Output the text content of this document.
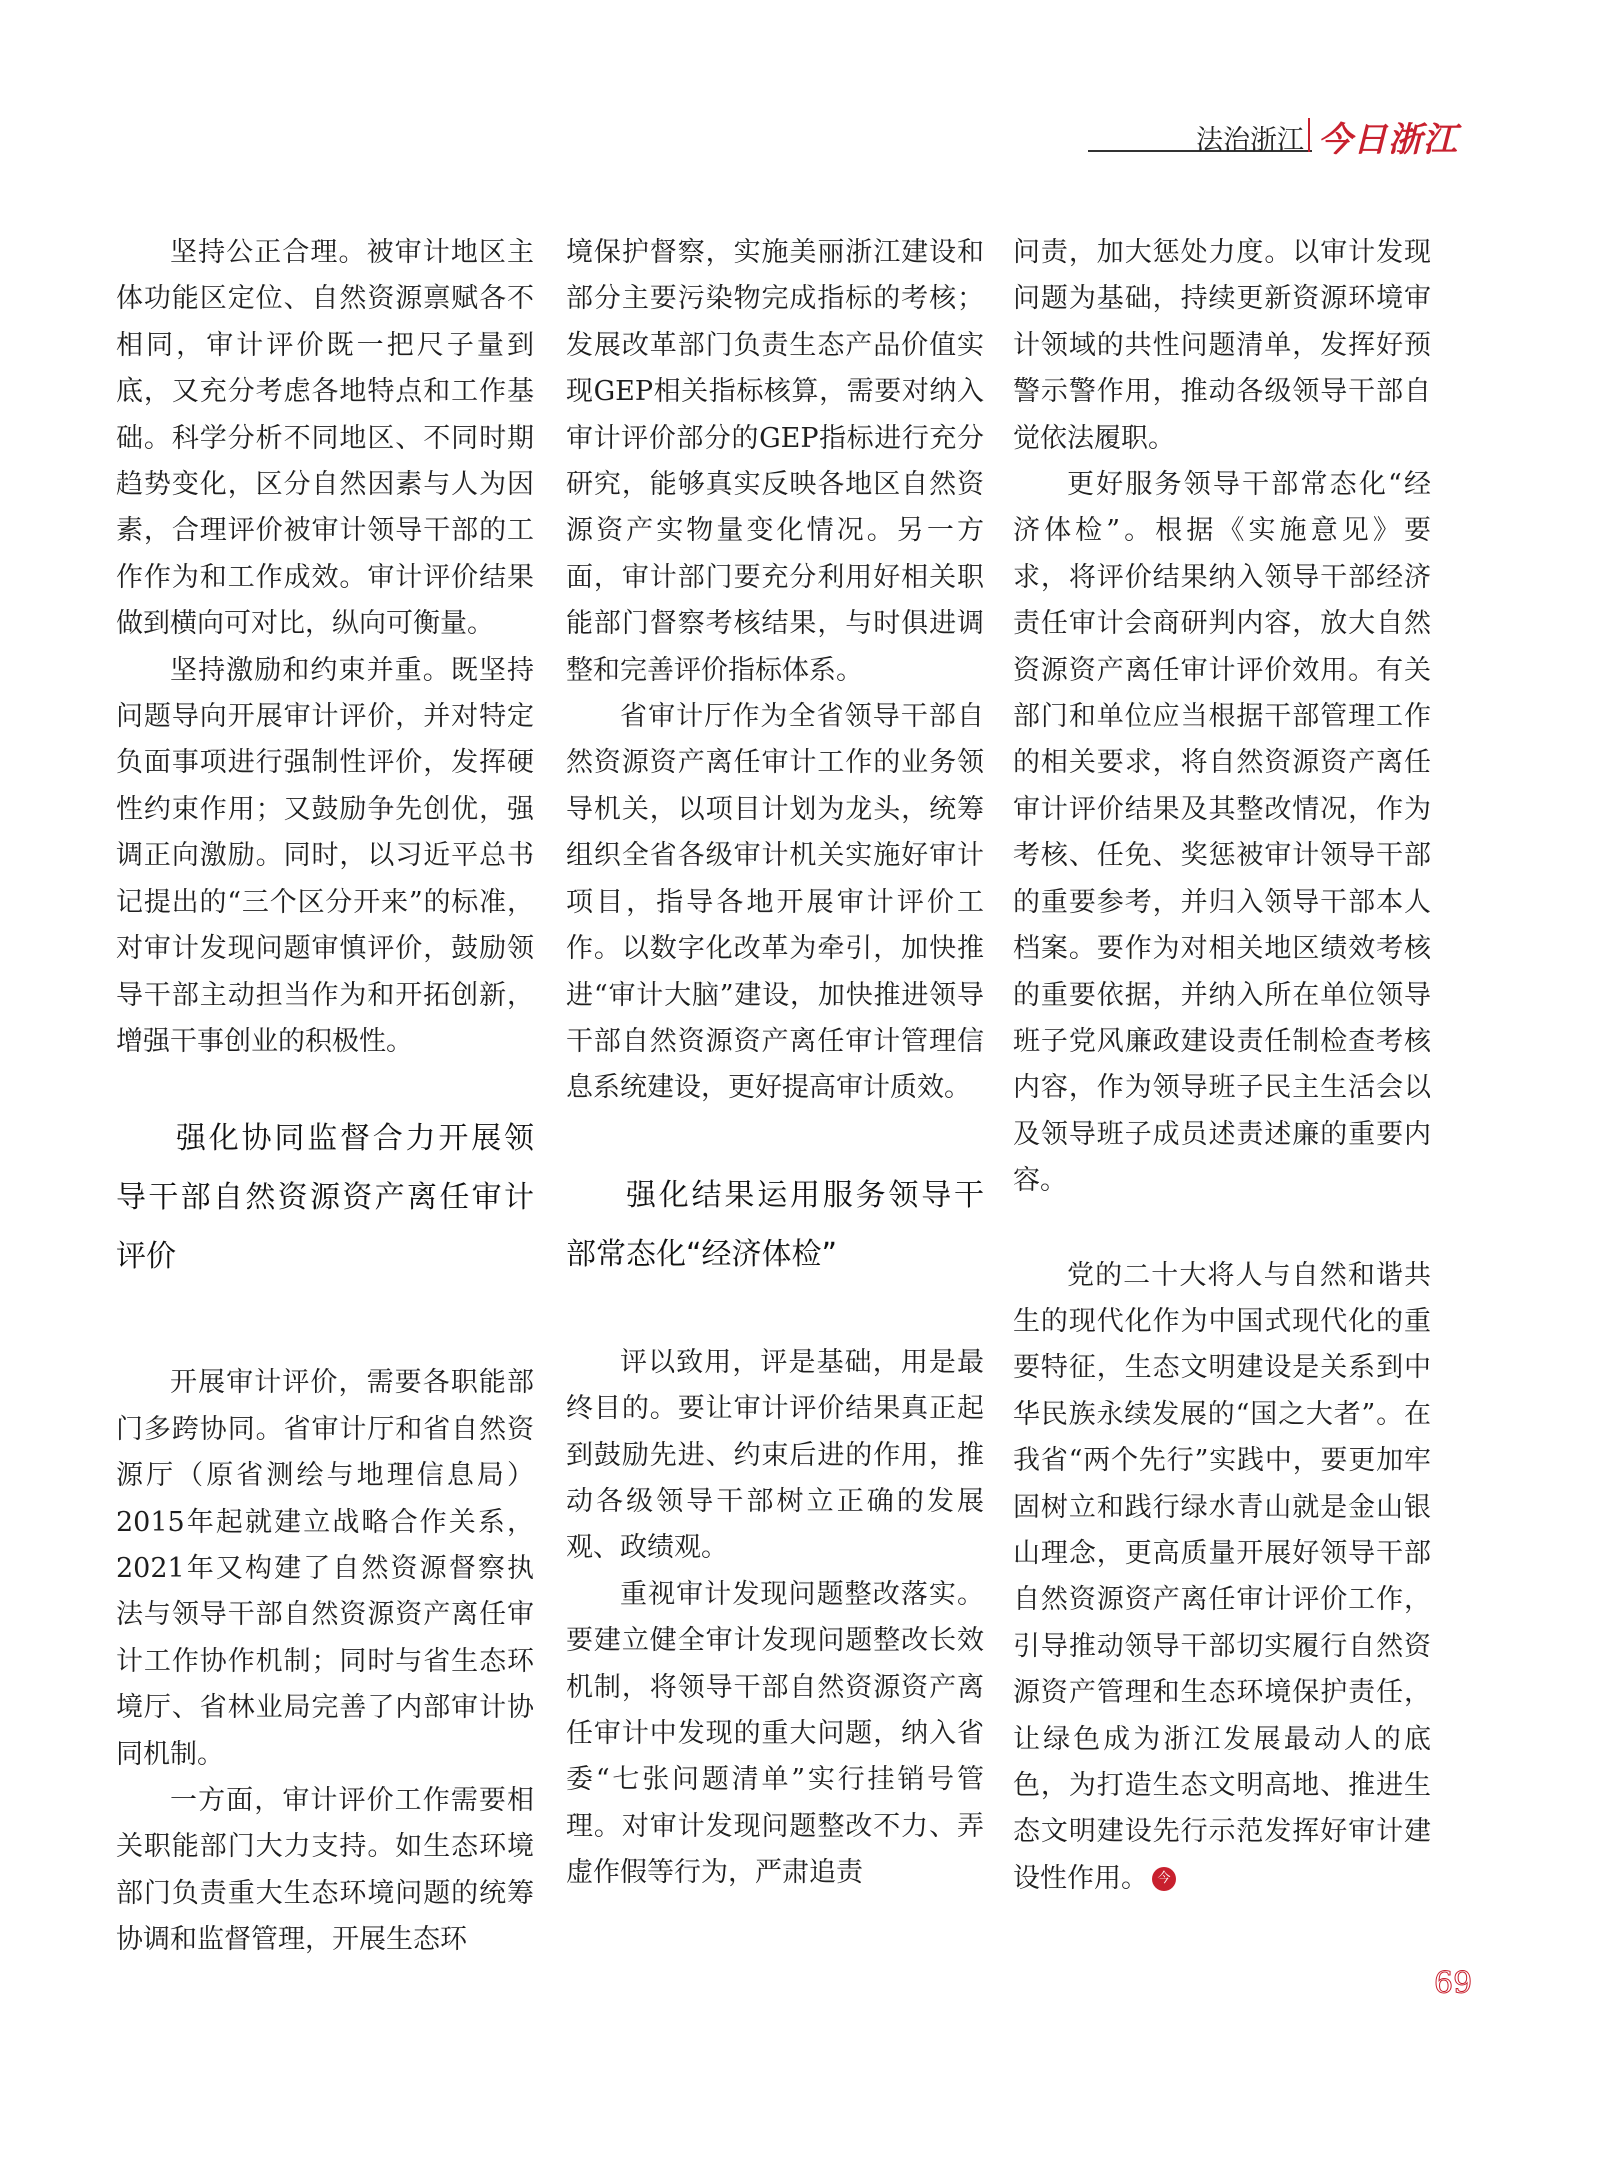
法治浙江 今日浙江

坚持公正合理。被审计地区主体功能区定位、自然资源禀赋各不相同，审计评价既一把尺子量到底，又充分考虑各地特点和工作基础。科学分析不同地区、不同时期趋势变化，区分自然因素与人为因素，合理评价被审计领导干部的工作作为和工作成效。审计评价结果做到横向可对比，纵向可衡量。

坚持激励和约束并重。既坚持问题导向开展审计评价，并对特定负面事项进行强制性评价，发挥硬性约束作用；又鼓励争先创优，强调正向激励。同时，以习近平总书记提出的“三个区分开来”的标准，对审计发现问题审慎评价，鼓励领导干部主动担当作为和开拓创新，增强干事创业的积极性。

强化协同监督合力开展领导干部自然资源资产离任审计评价

开展审计评价，需要各职能部门多跨协同。省审计厅和省自然资源厅（原省测绘与地理信息局）2015年起就建立战略合作关系，2021年又构建了自然资源督察执法与领导干部自然资源资产离任审计工作协作机制；同时与省生态环境厅、省林业局完善了内部审计协同机制。

一方面，审计评价工作需要相关职能部门大力支持。如生态环境部门负责重大生态环境问题的统筹协调和监督管理，开展生态环

境保护督察，实施美丽浙江建设和部分主要污染物完成指标的考核；发展改革部门负责生态产品价值实现GEP相关指标核算，需要对纳入审计评价部分的GEP指标进行充分研究，能够真实反映各地区自然资源资产实物量变化情况。另一方面，审计部门要充分利用好相关职能部门督察考核结果，与时俱进调整和完善评价指标体系。

省审计厅作为全省领导干部自然资源资产离任审计工作的业务领导机关，以项目计划为龙头，统筹组织全省各级审计机关实施好审计项目，指导各地开展审计评价工作。以数字化改革为牵引，加快推进“审计大脑”建设，加快推进领导干部自然资源资产离任审计管理信息系统建设，更好提高审计质效。

强化结果运用服务领导干部常态化“经济体检”

评以致用，评是基础，用是最终目的。要让审计评价结果真正起到鼓励先进、约束后进的作用，推动各级领导干部树立正确的发展观、政绩观。

重视审计发现问题整改落实。要建立健全审计发现问题整改长效机制，将领导干部自然资源资产离任审计中发现的重大问题，纳入省委“七张问题清单”实行挂销号管理。对审计发现问题整改不力、弄虚作假等行为，严肃追责

问责，加大惩处力度。以审计发现问题为基础，持续更新资源环境审计领域的共性问题清单，发挥好预警示警作用，推动各级领导干部自觉依法履职。

更好服务领导干部常态化“经济体检”。根据《实施意见》要求，将评价结果纳入领导干部经济责任审计会商研判内容，放大自然资源资产离任审计评价效用。有关部门和单位应当根据干部管理工作的相关要求，将自然资源资产离任审计评价结果及其整改情况，作为考核、任免、奖惩被审计领导干部的重要参考，并归入领导干部本人档案。要作为对相关地区绩效考核的重要依据，并纳入所在单位领导班子党风廉政建设责任制检查考核内容，作为领导班子民主生活会以及领导班子成员述责述廉的重要内容。

党的二十大将人与自然和谐共生的现代化作为中国式现代化的重要特征，生态文明建设是关系到中华民族永续发展的“国之大者”。在我省“两个先行”实践中，要更加牢固树立和践行绿水青山就是金山银山理念，更高质量开展好领导干部自然资源资产离任审计评价工作，引导推动领导干部切实履行自然资源资产管理和生态环境保护责任，让绿色成为浙江发展最动人的底色，为打造生态文明高地、推进生态文明建设先行示范发挥好审计建设性作用。 今

69
